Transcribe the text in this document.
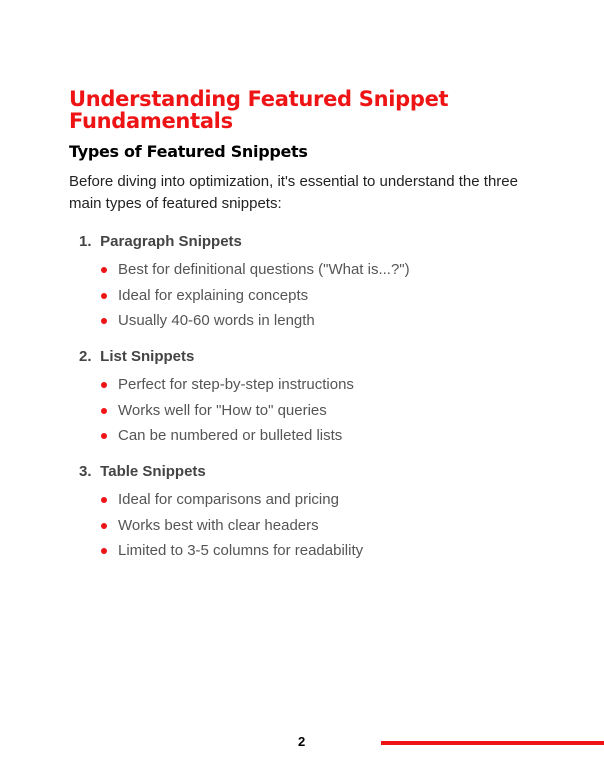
Understanding Featured Snippet Fundamentals
Types of Featured Snippets

Before diving into optimization, it's essential to understand the three main types of featured snippets:

1. Paragraph Snippets
Best for definitional questions ("What is...?")
Ideal for explaining concepts
Usually 40-60 words in length
2. List Snippets
Perfect for step-by-step instructions
Works well for "How to" queries
Can be numbered or bulleted lists
3. Table Snippets
Ideal for comparisons and pricing
Works best with clear headers
Limited to 3-5 columns for readability
2
